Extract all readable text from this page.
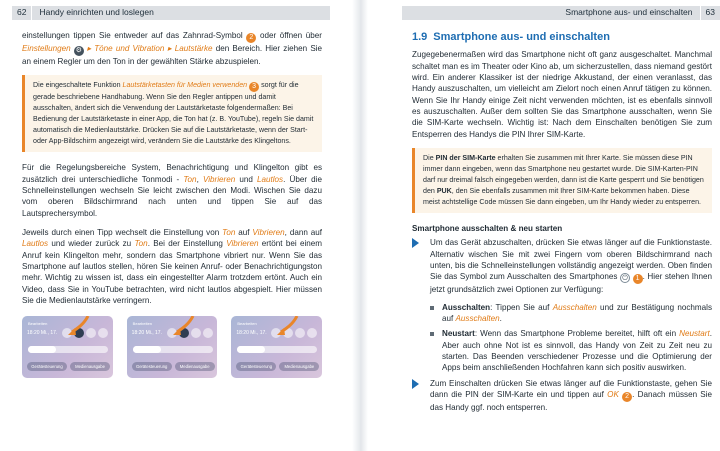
62	Handy einrichten und loslegen

einstellungen tippen Sie entweder auf das Zahnrad-Symbol 2 oder öffnen über Einstellungen ⚙ ▸ Töne und Vibration ▸ Lautstärke den Bereich. Hier ziehen Sie an einem Regler um den Ton in der gewählten Stärke abzuspielen.

Die eingeschaltete Funktion Lautstärketasten für Medien verwenden 3 sorgt für die gerade beschriebene Handhabung. Wenn Sie den Regler antippen und damit ausschalten, ändert sich die Verwendung der Lautstärketaste folgendermaßen: Bei Bedienung der Lautstärketaste in einer App, die Ton hat (z. B. YouTube), regeln Sie damit automatisch die Medienlautstärke. Drücken Sie auf die Lautstärketaste, wenn der Start- oder App-Bildschirm angezeigt wird, verändern Sie die Lautstärke des Klingeltons.

Für die Regelungsbereiche System, Benachrichtigung und Klingelton gibt es zusätzlich drei unterschiedliche Tonmodi - Ton, Vibrieren und Lautlos. Über die Schnelleinstellungen wechseln Sie leicht zwischen den Modi. Wischen Sie dazu vom oberen Bildschirmrand nach unten und tippen Sie auf das Lautsprechersymbol.

Jeweils durch einen Tipp wechselt die Einstellung von Ton auf Vibrieren, dann auf Lautlos und wieder zurück zu Ton. Bei der Einstellung Vibrieren ertönt bei einem Anruf kein Klingelton mehr, sondern das Smartphone vibriert nur. Wenn Sie das Smartphone auf lautlos stellen, hören Sie keinen Anruf- oder Benachrichtigungston mehr. Wichtig zu wissen ist, dass ein eingestellter Alarm trotzdem ertönt. Auch ein Video, dass Sie in YouTube betrachten, wird nicht lautlos abgespielt. Hier müssen Sie die Medienlautstärke verringern.

Bearbeiten
18:20 Mi., 17.
Gerätesteuerung	Medienausgabe
Bearbeiten
18:20 Mi., 17.
Gerätesteuerung	Medienausgabe
Bearbeiten
18:20 Mi., 17.
Gerätesteuerung	Medienausgabe
Smartphone aus- und einschalten	63
1.9 Smartphone aus- und einschalten

Zugegebenermaßen wird das Smartphone nicht oft ganz ausgeschaltet. Manchmal schaltet man es im Theater oder Kino ab, um sicherzustellen, dass niemand gestört wird. Ein anderer Klassiker ist der niedrige Akkustand, der einen veranlasst, das Handy auszuschalten, um vielleicht am Zielort noch einen Anruf tätigen zu können. Wenn Sie Ihr Handy einige Zeit nicht verwenden möchten, ist es ebenfalls sinnvoll es auszuschalten. Außer dem sollten Sie das Smartphone ausschalten, wenn Sie die SIM-Karte wechseln. Wichtig ist: Nach dem Einschalten benötigen Sie zum Entsperren des Handys die PIN Ihrer SIM-Karte.

Die PIN der SIM-Karte erhalten Sie zusammen mit Ihrer Karte. Sie müssen diese PIN immer dann eingeben, wenn das Smartphone neu gestartet wurde. Die SIM-Karten-PIN darf nur dreimal falsch eingegeben werden, dann ist die Karte gesperrt und Sie benötigen den PUK, den Sie ebenfalls zusammen mit Ihrer SIM-Karte bekommen haben. Diese meist achtstellige Code müssen Sie dann eingeben, um Ihr Handy wieder zu entsperren.
Smartphone ausschalten & neu starten
Um das Gerät abzuschalten, drücken Sie etwas länger auf die Funktionstaste. Alternativ wischen Sie mit zwei Fingern vom oberen Bildschirmrand nach unten, bis die Schnelleinstellungen vollständig angezeigt werden. Oben finden Sie das Symbol zum Ausschalten des Smartphones ⏻ 1 . Hier stehen Ihnen jetzt grundsätzlich zwei Optionen zur Verfügung:
Ausschalten: Tippen Sie auf Ausschalten und zur Bestätigung nochmals auf Ausschalten.
Neustart: Wenn das Smartphone Probleme bereitet, hilft oft ein Neustart. Aber auch ohne Not ist es sinnvoll, das Handy von Zeit zu Zeit neu zu starten. Das Beenden verschiedener Prozesse und die Optimierung der Apps beim anschließenden Hochfahren kann sich positiv auswirken.
Zum Einschalten drücken Sie etwas länger auf die Funktionstaste, gehen Sie dann die PIN der SIM-Karte ein und tippen auf OK 2 . Danach müssen Sie das Handy ggf. noch entsperren.
